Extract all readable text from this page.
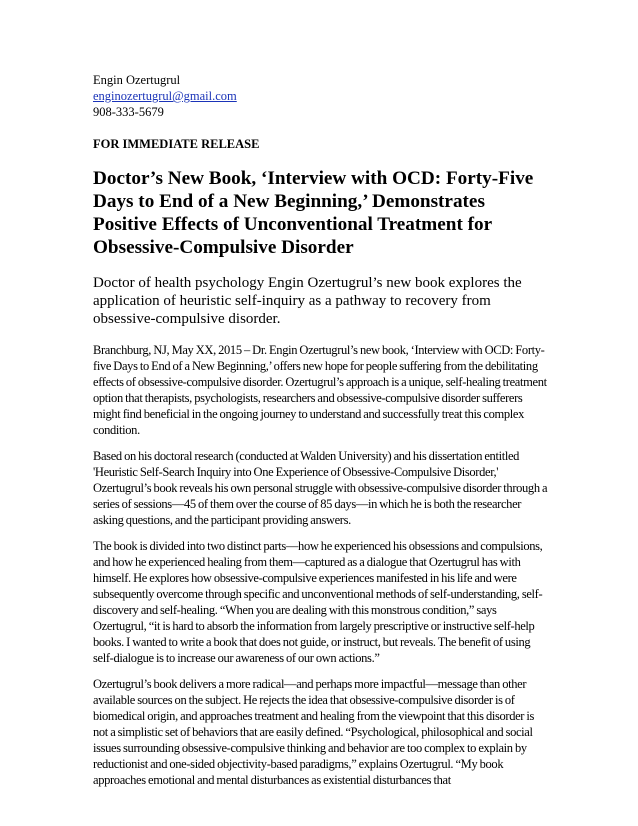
Engin Ozertugrul

enginozertugrul@gmail.com

908-333-5679

FOR IMMEDIATE RELEASE

Doctor’s New Book, ‘Interview with OCD: Forty-Five Days to End of a New Beginning,’ Demonstrates Positive Effects of Unconventional Treatment for Obsessive-Compulsive Disorder

Doctor of health psychology Engin Ozertugrul’s new book explores the application of heuristic self-inquiry as a pathway to recovery from obsessive-compulsive disorder.

Branchburg, NJ, May XX, 2015 – Dr. Engin Ozertugrul’s new book, ‘Interview with OCD: Forty-five Days to End of a New Beginning,’ offers new hope for people suffering from the debilitating effects of obsessive-compulsive disorder. Ozertugrul’s approach is a unique, self-healing treatment option that therapists, psychologists, researchers and obsessive-compulsive disorder sufferers might find beneficial in the ongoing journey to understand and successfully treat this complex condition.

Based on his doctoral research (conducted at Walden University) and his dissertation entitled 'Heuristic Self-Search Inquiry into One Experience of Obsessive-Compulsive Disorder,' Ozertugrul’s book reveals his own personal struggle with obsessive-compulsive disorder through a series of sessions—45 of them over the course of 85 days—in which he is both the researcher asking questions, and the participant providing answers.

The book is divided into two distinct parts—how he experienced his obsessions and compulsions, and how he experienced healing from them—captured as a dialogue that Ozertugrul has with himself. He explores how obsessive-compulsive experiences manifested in his life and were subsequently overcome through specific and unconventional methods of self-understanding, self-discovery and self-healing. “When you are dealing with this monstrous condition,” says Ozertugrul, “it is hard to absorb the information from largely prescriptive or instructive self-help books. I wanted to write a book that does not guide, or instruct, but reveals. The benefit of using self-dialogue is to increase our awareness of our own actions.”

Ozertugrul’s book delivers a more radical—and perhaps more impactful—message than other available sources on the subject. He rejects the idea that obsessive-compulsive disorder is of biomedical origin, and approaches treatment and healing from the viewpoint that this disorder is not a simplistic set of behaviors that are easily defined. “Psychological, philosophical and social issues surrounding obsessive-compulsive thinking and behavior are too complex to explain by reductionist and one-sided objectivity-based paradigms,” explains Ozertugrul. “My book approaches emotional and mental disturbances as existential disturbances that
